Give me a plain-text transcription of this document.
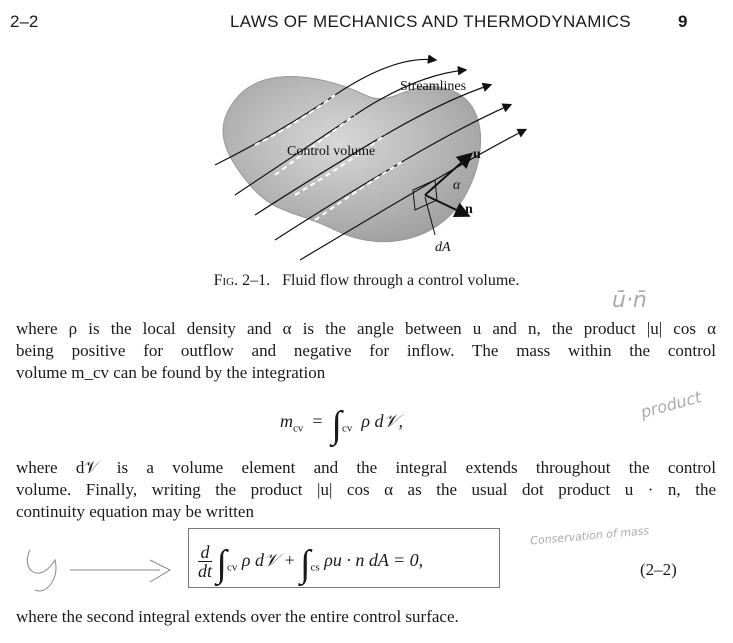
2–2	LAWS OF MECHANICS AND THERMODYNAMICS	9
Streamlines
Control volume	u
α
n
dA
Fig. 2–1. Fluid flow through a control volume.
ū·n̄
product
Conservation of mass
where ρ is the local density and α is the angle between u and n, the product |u| cos α
being positive for outflow and negative for inflow. The mass within the control
volume m_cv can be found by the integration
$m_{cv} = \int_{cv}$ ρ d𝒱,
where d𝒱 is a volume element and the integral extends throughout the control
volume. Finally, writing the product |u| cos α as the usual dot product u · n, the
continuity equation may be written
$\frac{d}{dt} \int_{cv}$ ρ d𝒱 + $\int_{cs}$ ρu · n dA = 0,	(2–2)
where the second integral extends over the entire control surface.
